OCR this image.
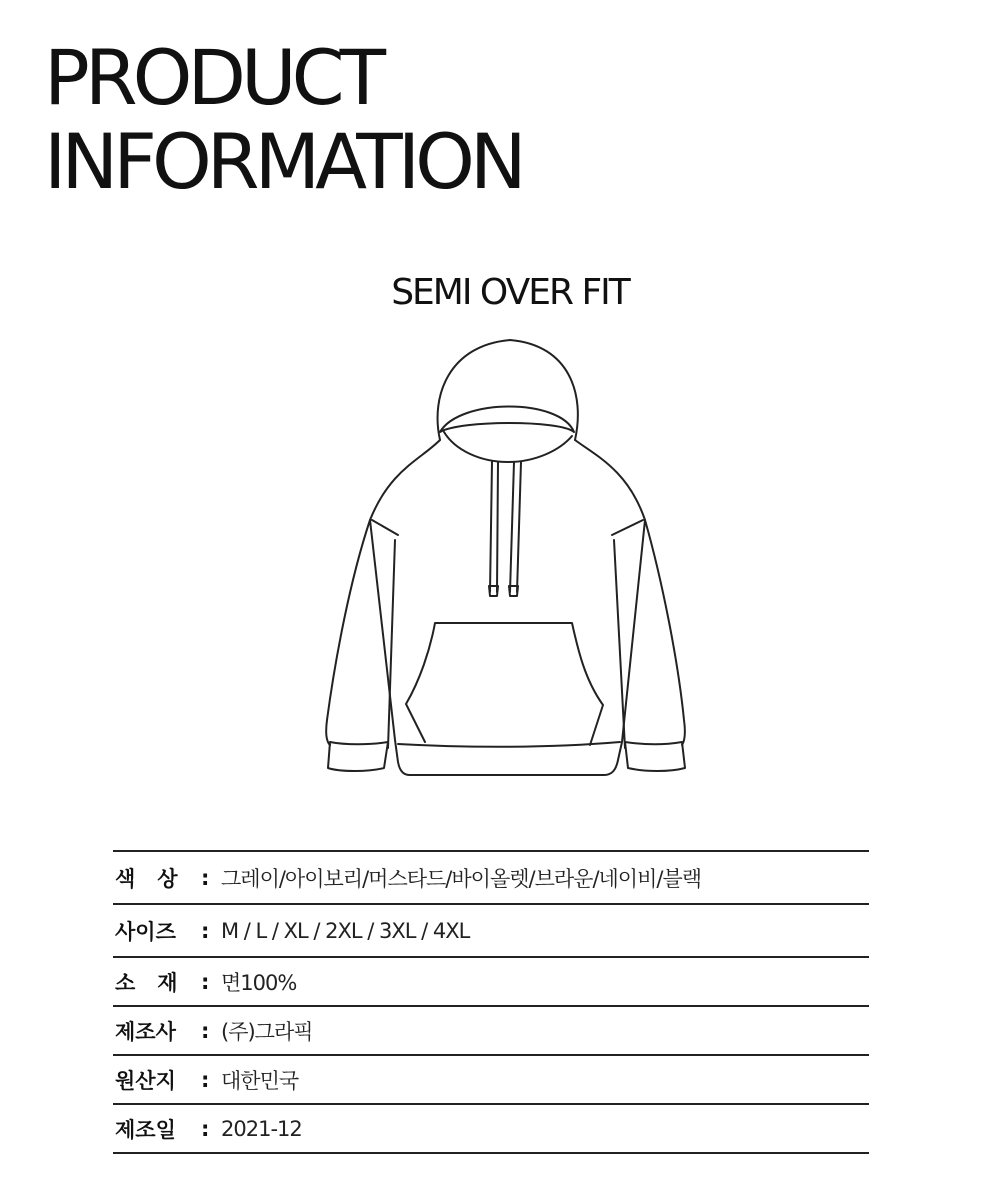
PRODUCT
INFORMATION
SEMI OVER FIT
색   상	: 그레이/아이보리/머스타드/바이올렛/브라운/네이비/블랙
사이즈	: M / L / XL / 2XL / 3XL / 4XL
소   재	: 면100%
제조사	: (주)그라픽
원산지	: 대한민국
제조일	: 2021-12
